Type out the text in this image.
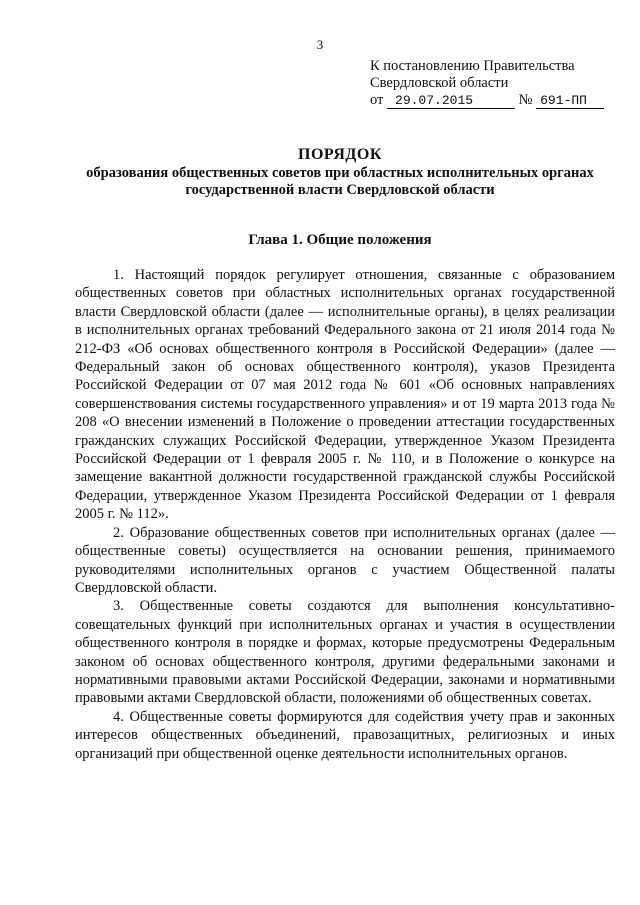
3
К постановлению Правительства
Свердловской области
от 29.07.2015	№ 691-ПП
ПОРЯДОК
образования общественных советов при областных исполнительных органах
государственной власти Свердловской области
Глава 1. Общие положения

1. Настоящий порядок регулирует отношения, связанные с образованием общественных советов при областных исполнительных органах государственной власти Свердловской области (далее — исполнительные органы), в целях реализации в исполнительных органах требований Федерального закона от 21 июля 2014 года № 212-ФЗ «Об основах общественного контроля в Российской Федерации» (далее — Федеральный закон об основах общественного контроля), указов Президента Российской Федерации от 07 мая 2012 года № 601 «Об основных направлениях совершенствования системы государственного управления» и от 19 марта 2013 года № 208 «О внесении изменений в Положение о проведении аттестации государственных гражданских служащих Российской Федерации, утвержденное Указом Президента Российской Федерации от 1 февраля 2005 г. № 110, и в Положение о конкурсе на замещение вакантной должности государственной гражданской службы Российской Федерации, утвержденное Указом Президента Российской Федерации от 1 февраля 2005 г. № 112».

2. Образование общественных советов при исполнительных органах (далее — общественные советы) осуществляется на основании решения, принимаемого руководителями исполнительных органов с участием Общественной палаты Свердловской области.

3. Общественные советы создаются для выполнения консультативно-совещательных функций при исполнительных органах и участия в осуществлении общественного контроля в порядке и формах, которые предусмотрены Федеральным законом об основах общественного контроля, другими федеральными законами и нормативными правовыми актами Российской Федерации, законами и нормативными правовыми актами Свердловской области, положениями об общественных советах.

4. Общественные советы формируются для содействия учету прав и законных интересов общественных объединений, правозащитных, религиозных и иных организаций при общественной оценке деятельности исполнительных органов.
